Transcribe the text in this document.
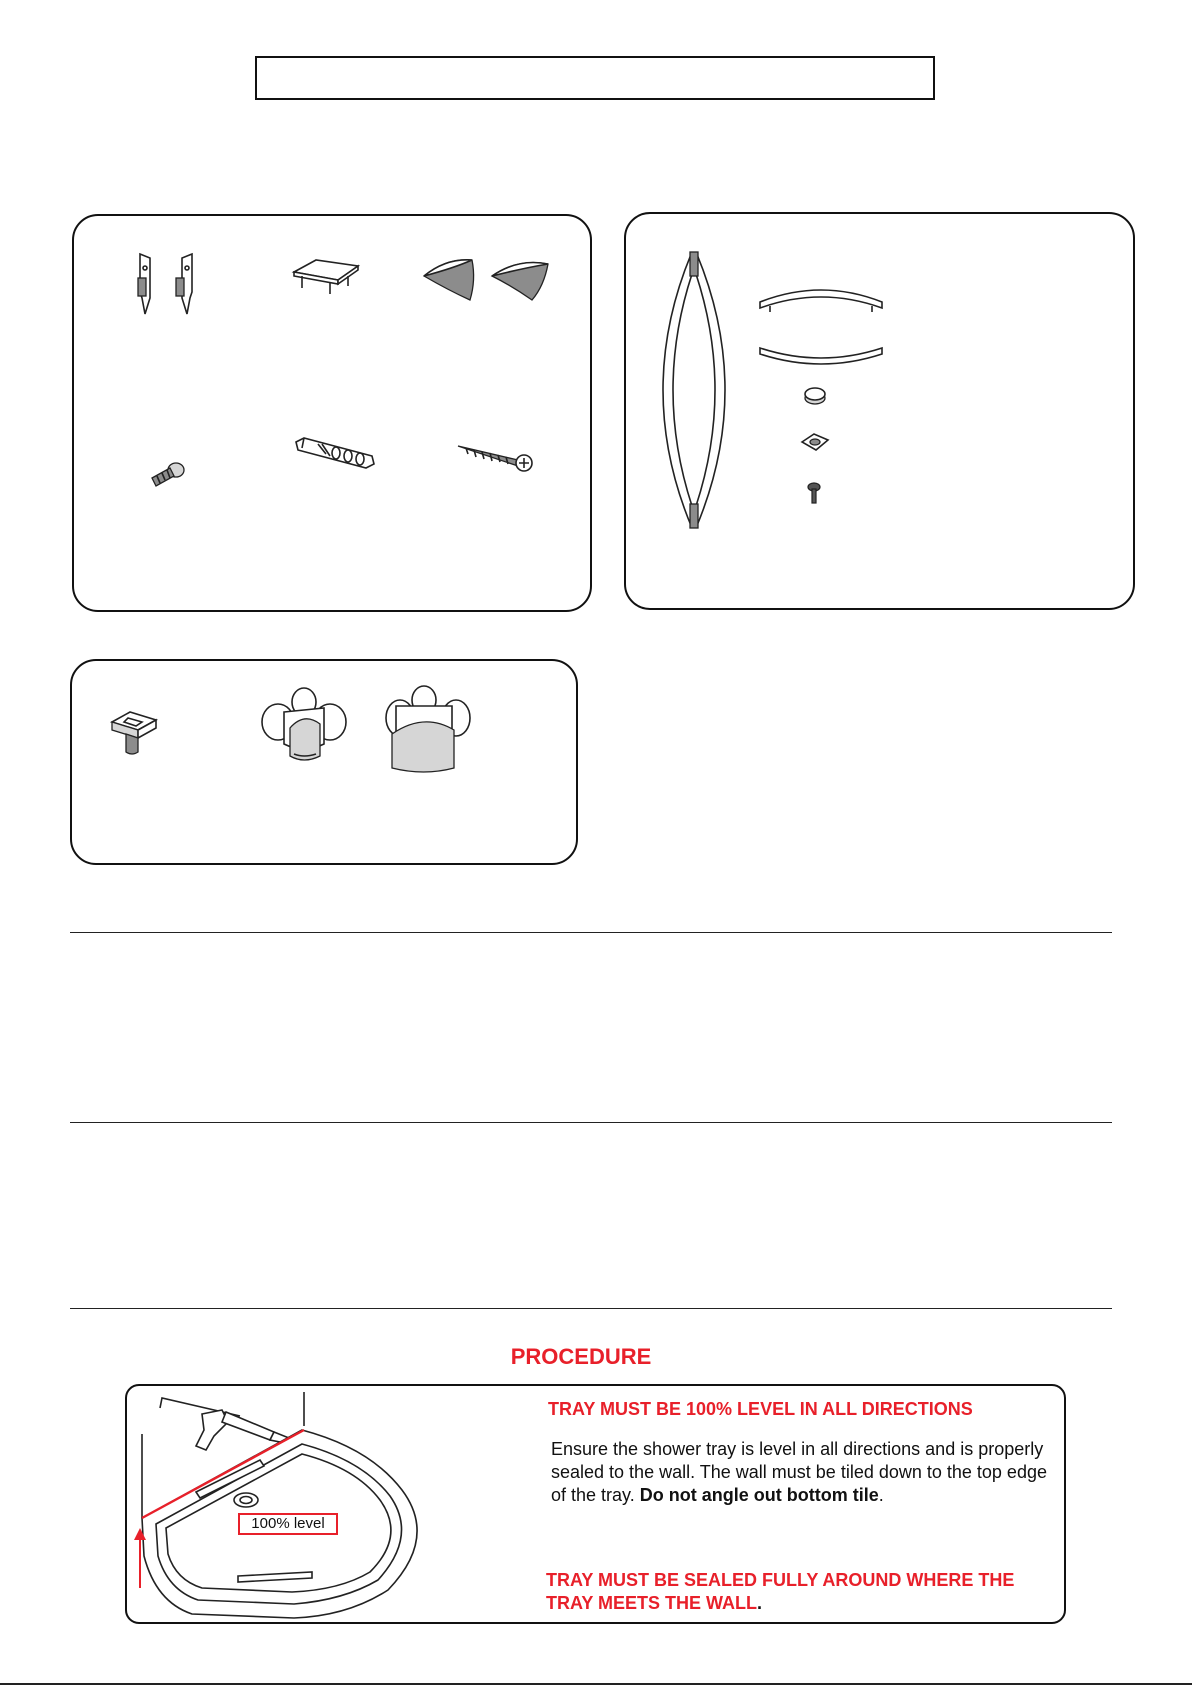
PROCEDURE
100% level
TRAY MUST BE 100% LEVEL IN ALL DIRECTIONS
Ensure the shower tray is level in all directions and is properly sealed to the wall. The wall must be tiled down to the top edge of the tray. Do not angle out bottom tile.
TRAY MUST BE SEALED FULLY AROUND WHERE THE
TRAY MEETS THE WALL.
